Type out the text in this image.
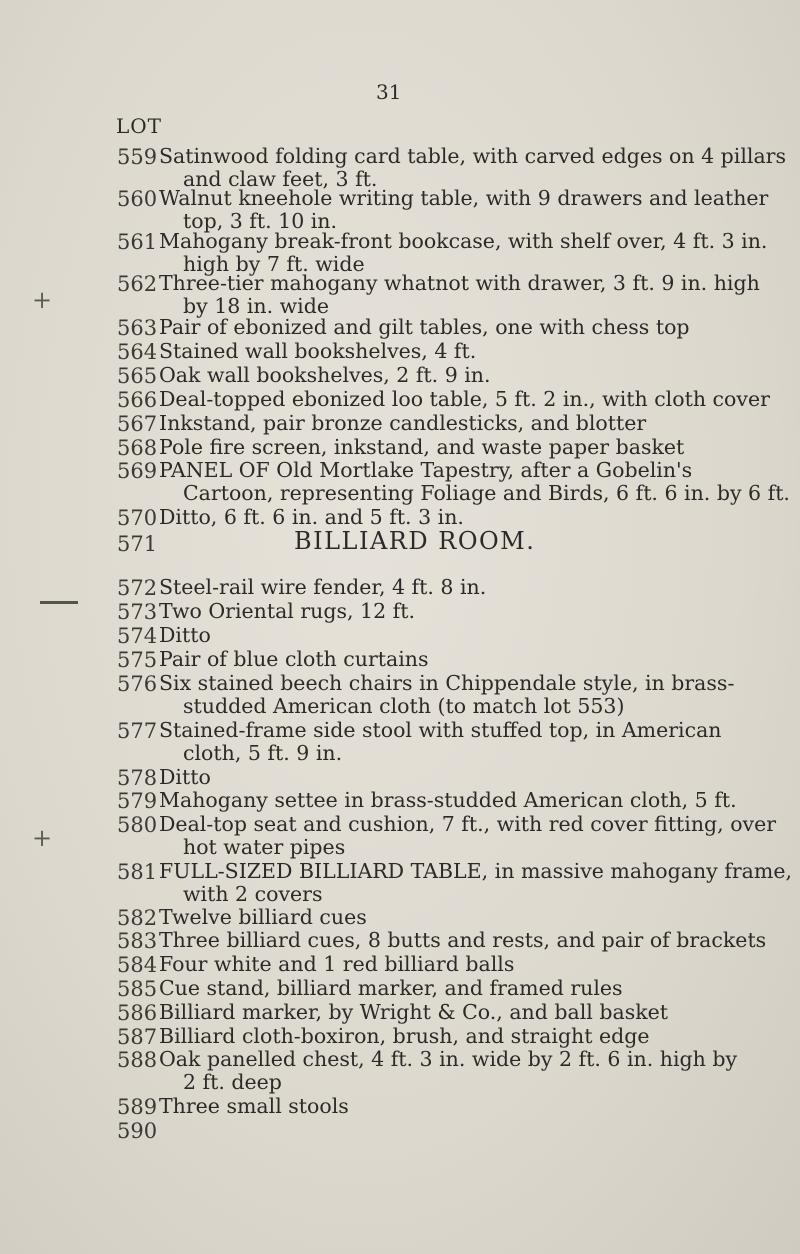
31
LOT
BILLIARD ROOM.
+
+
559 Satinwood folding card table, with carved edges on 4 pillars
and claw feet, 3 ft.
560 Walnut kneehole writing table, with 9 drawers and leather
top, 3 ft. 10 in.
561 Mahogany break-front bookcase, with shelf over, 4 ft. 3 in.
high by 7 ft. wide
562 Three-tier mahogany whatnot with drawer, 3 ft. 9 in. high
by 18 in. wide
563 Pair of ebonized and gilt tables, one with chess top
564 Stained wall bookshelves, 4 ft.
565 Oak wall bookshelves, 2 ft. 9 in.
566 Deal-topped ebonized loo table, 5 ft. 2 in., with cloth cover
567 Inkstand, pair bronze candlesticks, and blotter
568 Pole fire screen, inkstand, and waste paper basket
569 PANEL OF Old Mortlake Tapestry, after a Gobelin's
Cartoon, representing Foliage and Birds, 6 ft. 6 in. by 6 ft.
570 Ditto, 6 ft. 6 in. and 5 ft. 3 in.
571
572 Steel-rail wire fender, 4 ft. 8 in.
573 Two Oriental rugs, 12 ft.
574 Ditto
575 Pair of blue cloth curtains
576 Six stained beech chairs in Chippendale style, in brass-
studded American cloth (to match lot 553)
577 Stained-frame side stool with stuffed top, in American
cloth, 5 ft. 9 in.
578 Ditto
579 Mahogany settee in brass-studded American cloth, 5 ft.
580 Deal-top seat and cushion, 7 ft., with red cover fitting, over
hot water pipes
581 FULL-SIZED BILLIARD TABLE, in massive mahogany frame,
with 2 covers
582 Twelve billiard cues
583 Three billiard cues, 8 butts and rests, and pair of brackets
584 Four white and 1 red billiard balls
585 Cue stand, billiard marker, and framed rules
586 Billiard marker, by Wright & Co., and ball basket
587 Billiard cloth-boxiron, brush, and straight edge
588 Oak panelled chest, 4 ft. 3 in. wide by 2 ft. 6 in. high by
2 ft. deep
589 Three small stools
590
